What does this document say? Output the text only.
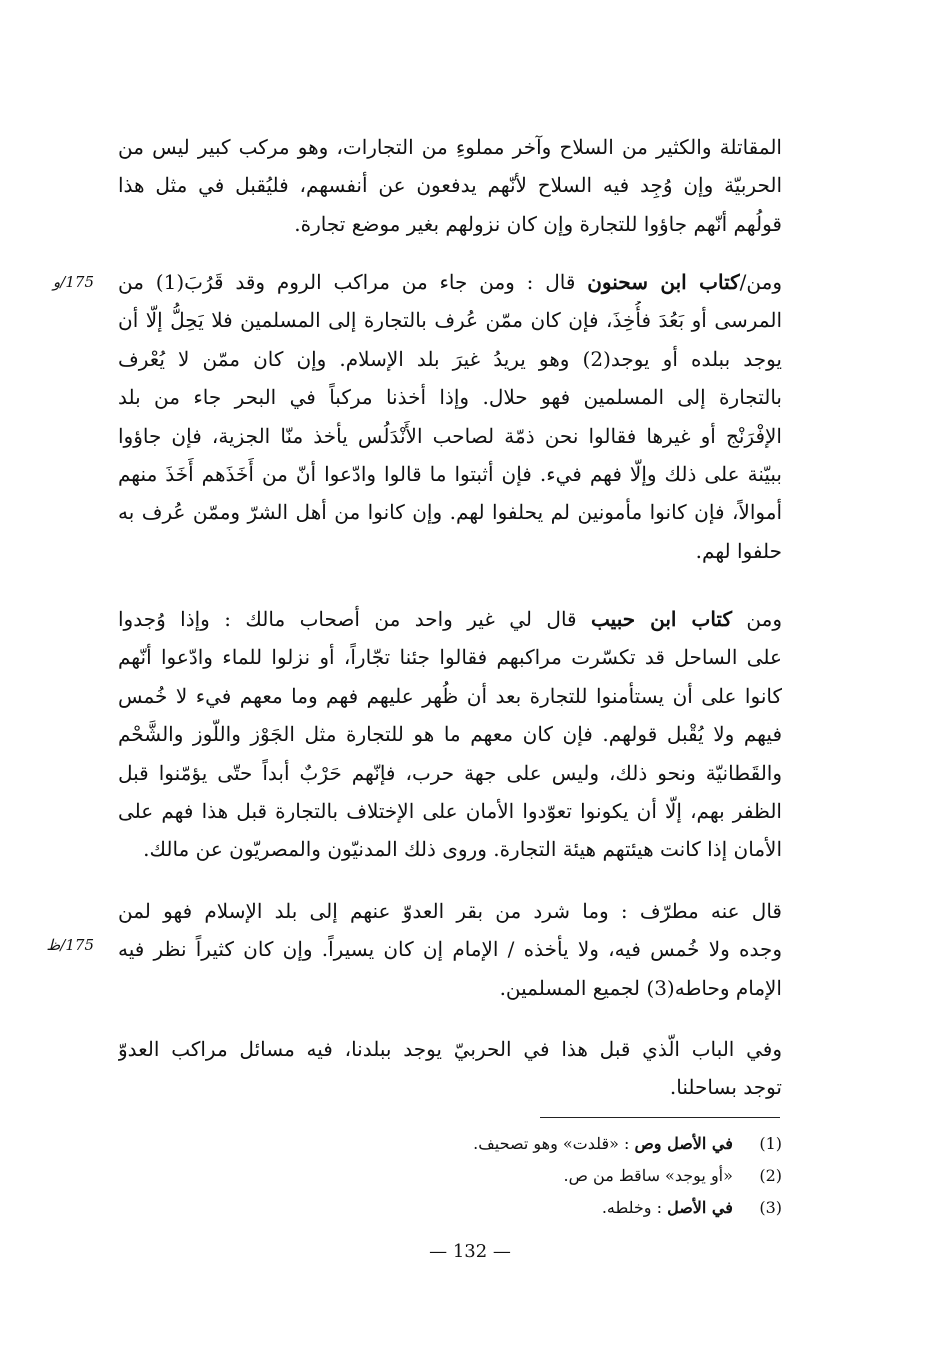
المقاتلة والكثير من السلاح وآخر مملوءِ من التجارات، وهو مركب كبير ليس من
الحربيّة وإن وُجِد فيه السلاح لأنّهم يدفعون عن أنفسهم، فليُقبل في مثل هذا
قولُهم أنّهم جاؤوا للتجارة وإن كان نزولهم بغير موضع تجارة.
ومن/كتاب ابن سحنون قال : ومن جاء من مراكب الروم وقد قَرُبَ(1) من
المرسى أو بَعُدَ فأُخِذَ، فإن كان ممّن عُرف بالتجارة إلى المسلمين فلا يَحِلُّ إلّا أن
يوجد ببلده أو يوجد(2) وهو يريدُ غيرَ بلد الإسلام. وإن كان ممّن لا يُعْرف
بالتجارة إلى المسلمين فهو حلال. وإذا أخذنا مركباً في البحر جاء من بلد
الإفْرَنْج أو غيرها فقالوا نحن ذمّة لصاحب الأَنْدَلُس يأخذ منّا الجزية، فإن جاؤوا
ببيّنة على ذلك وإلّا فهم فيء. فإن أثبتوا ما قالوا وادّعوا أنّ من أَخَذَهم أَخَذَ منهم
أموالاً، فإن كانوا مأمونين لم يحلفوا لهم. وإن كانوا من أهل الشرّ وممّن عُرف به
حلفوا لهم.
ومن كتاب ابن حبيب قال لي غير واحد من أصحاب مالك : وإذا وُجدوا
على الساحل قد تكسّرت مراكبهم فقالوا جئنا تجّاراً، أو نزلوا للماء وادّعوا أنّهم
كانوا على أن يستأمنوا للتجارة بعد أن ظُهر عليهم فهم وما معهم فيء لا خُمس
فيهم ولا يُقْبل قولهم. فإن كان معهم ما هو للتجارة مثل الجَوْز واللّوز والشَّحْم
والقَطانيّة ونحو ذلك، وليس على جهة حرب، فإنّهم حَرْبٌ أبداً حتّى يؤمّنوا قبل
الظفر بهم، إلّا أن يكونوا تعوّدوا الأمان على الإختلاف بالتجارة قبل هذا فهم على
الأمان إذا كانت هيئتهم هيئة التجارة. وروى ذلك المدنيّون والمصريّون عن مالك.
قال عنه مطرّف : وما شرد من بقر العدوّ عنهم إلى بلد الإسلام فهو لمن
وجده ولا خُمس فيه، ولا يأخذه / الإمام إن كان يسيراً. وإن كان كثيراً نظر فيه
الإمام وحاطه(3) لجميع المسلمين.
وفي الباب الّذي قبل هذا في الحربيّ يوجد ببلدنا، فيه مسائل مراكب العدوّ
توجد بساحلنا.
175/و
175/ظ
(1) في الأصل وص : «قلدت» وهو تصحيف.
(2) «أو يوجد» ساقط من ص.
(3) في الأصل : وخلطه.
— 132 —
